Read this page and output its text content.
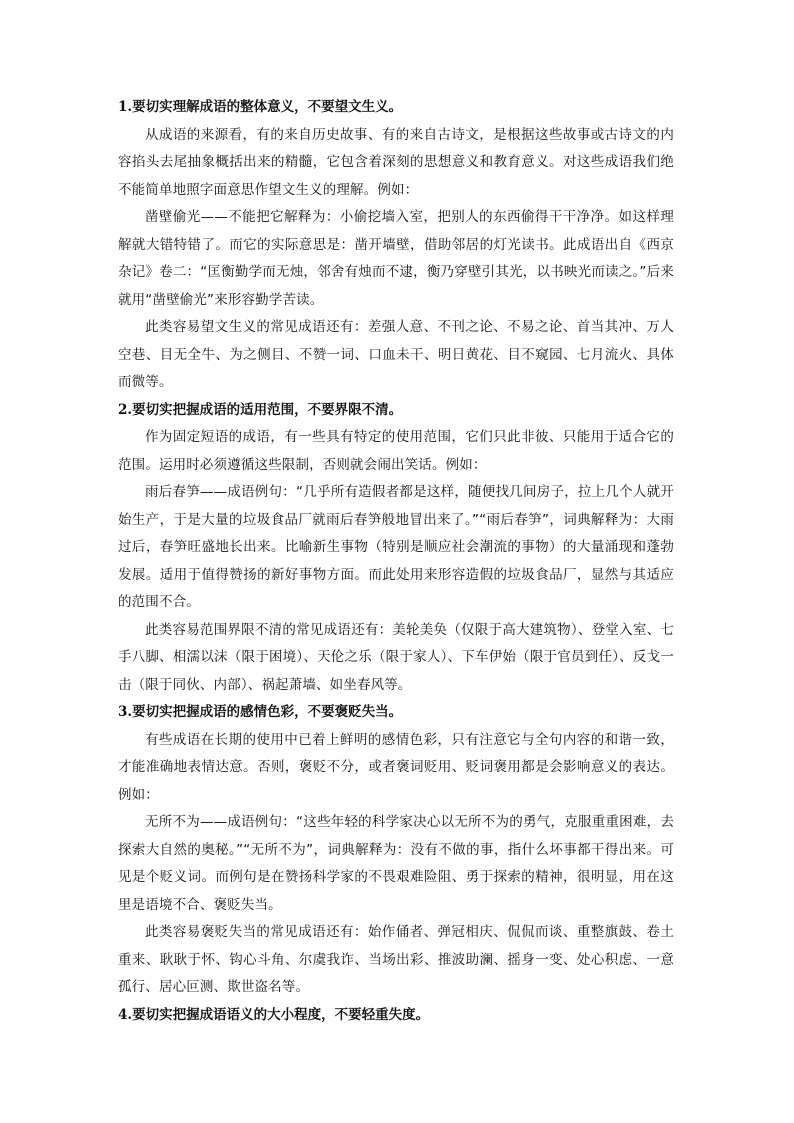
1.要切实理解成语的整体意义，不要望文生义。

从成语的来源看，有的来自历史故事、有的来自古诗文，是根据这些故事或古诗文的内容掐头去尾抽象概括出来的精髓，它包含着深刻的思想意义和教育意义。对这些成语我们绝不能简单地照字面意思作望文生义的理解。例如：

凿壁偷光——不能把它解释为：小偷挖墙入室，把别人的东西偷得干干净净。如这样理解就大错特错了。而它的实际意思是：凿开墙壁，借助邻居的灯光读书。此成语出自《西京杂记》卷二：“匡衡勤学而无烛，邻舍有烛而不逮，衡乃穿壁引其光，以书映光而读之。”后来就用“凿壁偷光”来形容勤学苦读。

此类容易望文生义的常见成语还有：差强人意、不刊之论、不易之论、首当其冲、万人空巷、目无全牛、为之侧目、不赞一词、口血未干、明日黄花、目不窥园、七月流火、具体而微等。

2.要切实把握成语的适用范围，不要界限不清。

作为固定短语的成语，有一些具有特定的使用范围，它们只此非彼、只能用于适合它的范围。运用时必须遵循这些限制，否则就会闹出笑话。例如：

雨后春笋——成语例句：“几乎所有造假者都是这样，随便找几间房子，拉上几个人就开始生产，于是大量的垃圾食品厂就雨后春笋般地冒出来了。”“雨后春笋”，词典解释为：大雨过后，春笋旺盛地长出来。比喻新生事物（特别是顺应社会潮流的事物）的大量涌现和蓬勃发展。适用于值得赞扬的新好事物方面。而此处用来形容造假的垃圾食品厂，显然与其适应的范围不合。

此类容易范围界限不清的常见成语还有：美轮美奂（仅限于高大建筑物）、登堂入室、七手八脚、相濡以沫（限于困境）、天伦之乐（限于家人）、下车伊始（限于官员到任）、反戈一击（限于同伙、内部）、祸起萧墙、如坐春风等。

3.要切实把握成语的感情色彩，不要褒贬失当。

有些成语在长期的使用中已着上鲜明的感情色彩，只有注意它与全句内容的和谐一致，才能准确地表情达意。否则，褒贬不分，或者褒词贬用、贬词褒用都是会影响意义的表达。例如：

无所不为——成语例句：“这些年轻的科学家决心以无所不为的勇气，克服重重困难，去探索大自然的奥秘。”“无所不为”，词典解释为：没有不做的事，指什么坏事都干得出来。可见是个贬义词。而例句是在赞扬科学家的不畏艰难险阻、勇于探索的精神，很明显，用在这里是语境不合、褒贬失当。

此类容易褒贬失当的常见成语还有：始作俑者、弹冠相庆、侃侃而谈、重整旗鼓、卷土重来、耿耿于怀、钩心斗角、尔虞我诈、当场出彩、推波助澜、摇身一变、处心积虑、一意孤行、居心叵测、欺世盗名等。

4.要切实把握成语语义的大小程度，不要轻重失度。
